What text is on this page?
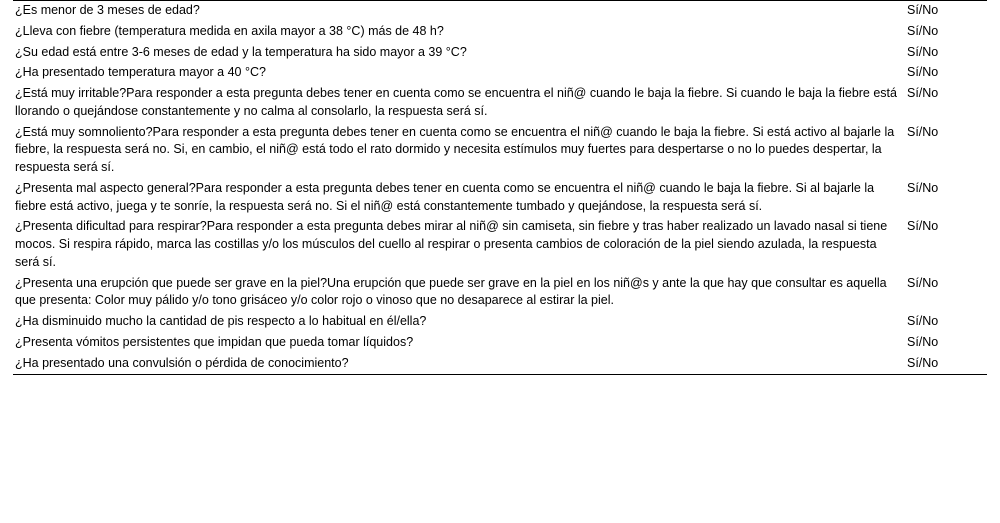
¿Es menor de 3 meses de edad?	Sí/No

¿Lleva con fiebre (temperatura medida en axila mayor a 38 °C) más de 48 h?	Sí/No

¿Su edad está entre 3-6 meses de edad y la temperatura ha sido mayor a 39 °C?	Sí/No

¿Ha presentado temperatura mayor a 40 °C?	Sí/No

¿Está muy irritable?Para responder a esta pregunta debes tener en cuenta como se encuentra el niñ@ cuando le baja la fiebre. Si cuando le baja la fiebre está llorando o quejándose constantemente y no calma al consolarlo, la respuesta será sí.	Sí/No

¿Está muy somnoliento?Para responder a esta pregunta debes tener en cuenta como se encuentra el niñ@ cuando le baja la fiebre. Si está activo al bajarle la fiebre, la respuesta será no. Si, en cambio, el niñ@ está todo el rato dormido y necesita estímulos muy fuertes para despertarse o no lo puedes despertar, la respuesta será sí.	Sí/No

¿Presenta mal aspecto general?Para responder a esta pregunta debes tener en cuenta como se encuentra el niñ@ cuando le baja la fiebre. Si al bajarle la fiebre está activo, juega y te sonríe, la respuesta será no. Si el niñ@ está constantemente tumbado y quejándose, la respuesta será sí.	Sí/No

¿Presenta dificultad para respirar?Para responder a esta pregunta debes mirar al niñ@ sin camiseta, sin fiebre y tras haber realizado un lavado nasal si tiene mocos. Si respira rápido, marca las costillas y/o los músculos del cuello al respirar o presenta cambios de coloración de la piel siendo azulada, la respuesta será sí.	Sí/No

¿Presenta una erupción que puede ser grave en la piel?Una erupción que puede ser grave en la piel en los niñ@s y ante la que hay que consultar es aquella que presenta: Color muy pálido y/o tono grisáceo y/o color rojo o vinoso que no desaparece al estirar la piel.	Sí/No

¿Ha disminuido mucho la cantidad de pis respecto a lo habitual en él/ella?	Sí/No

¿Presenta vómitos persistentes que impidan que pueda tomar líquidos?	Sí/No

¿Ha presentado una convulsión o pérdida de conocimiento?	Sí/No
